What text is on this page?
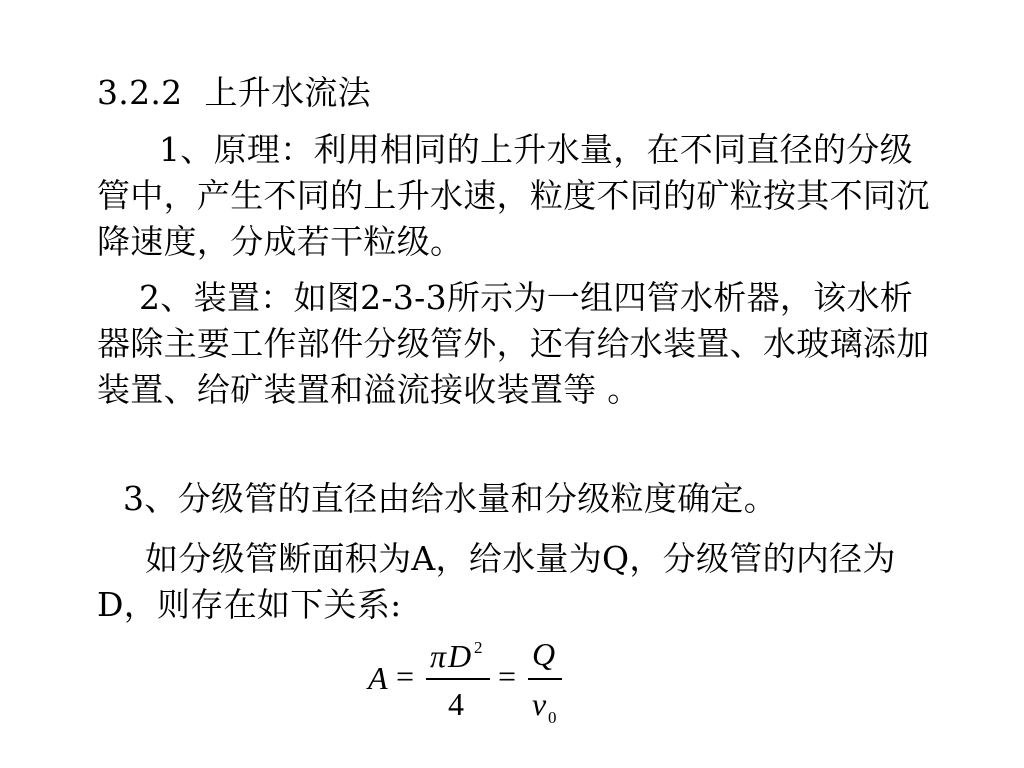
3.2.2 上升水流法

1、原理：利用相同的上升水量，在不同直径的分级管中，产生不同的上升水速，粒度不同的矿粒按其不同沉降速度，分成若干粒级。

2、装置：如图2-3-3所示为一组四管水析器，该水析器除主要工作部件分级管外，还有给水装置、水玻璃添加装置、给矿装置和溢流接收装置等 。

3、分级管的直径由给水量和分级粒度确定。

如分级管断面积为A，给水量为Q，分级管的内径为D，则存在如下关系:

A =
π D 2
4
=
Q
v 0
